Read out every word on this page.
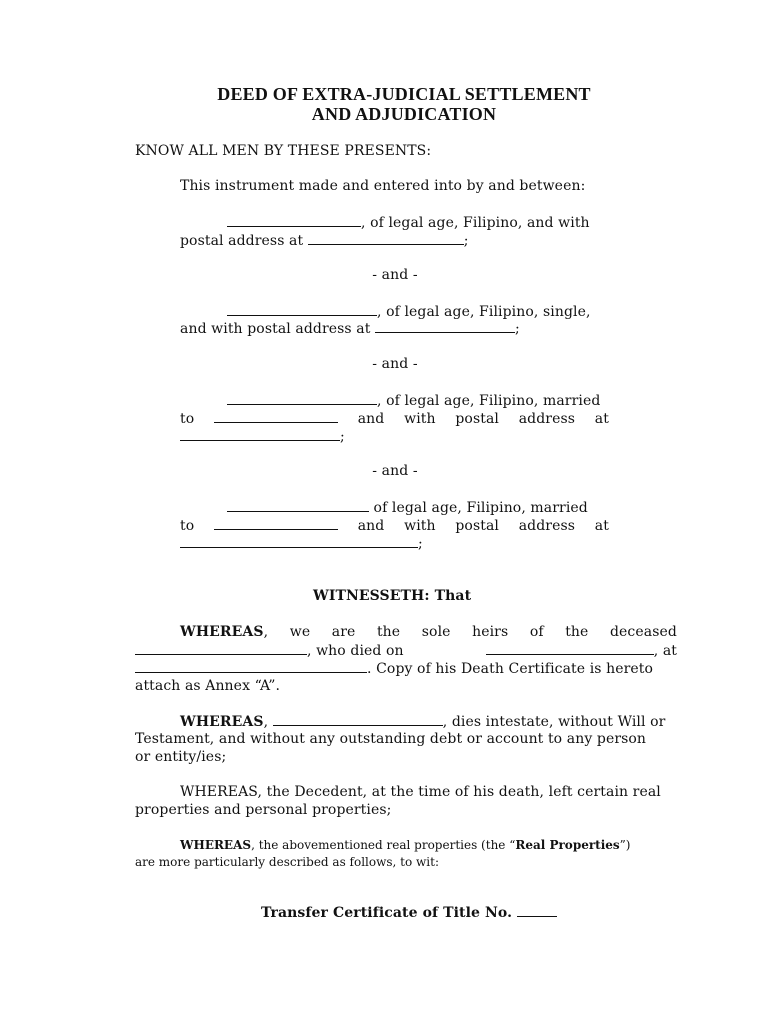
DEED OF EXTRA-JUDICIAL SETTLEMENT
AND ADJUDICATION
KNOW ALL MEN BY THESE PRESENTS:
This instrument made and entered into by and between:
, of legal age, Filipino, and with
postal address at	;
- and -
, of legal age, Filipino, single,
and with postal address at	;
- and -
, of legal age, Filipino, married
to	and with postal address at
;
- and -
of legal age, Filipino, married
to	and with postal address at
;
WITNESSETH: That
WHEREAS, we are the sole heirs of the deceased
, who died on	, at
. Copy of his Death Certificate is hereto
attach as Annex “A”.
WHEREAS,	, dies intestate, without Will or
Testament, and without any outstanding debt or account to any person
or entity/ies;
WHEREAS, the Decedent, at the time of his death, left certain real
properties and personal properties;
WHEREAS, the abovementioned real properties (the “Real Properties”)
are more particularly described as follows, to wit:
Transfer Certificate of Title No.
